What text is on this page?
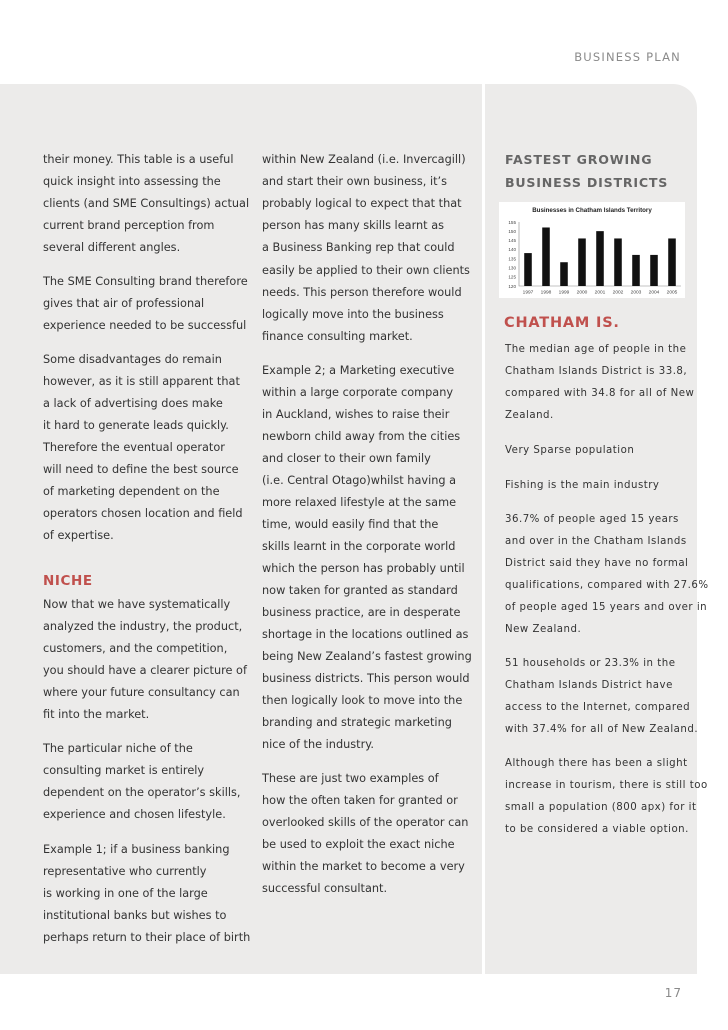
BUSINESS PLAN

their money. This table is a useful

quick insight into assessing the

clients (and SME Consultings) actual

current brand perception from

several different angles.

The SME Consulting brand therefore

gives that air of professional

experience needed to be successful

Some disadvantages do remain

however, as it is still apparent that

a lack of advertising does make

it hard to generate leads quickly.

Therefore the eventual operator

will need to define the best source

of marketing dependent on the

operators chosen location and field

of expertise.

NICHE

Now that we have systematically

analyzed the industry, the product,

customers, and the competition,

you should have a clearer picture of

where your future consultancy can

fit into the market.

The particular niche of the

consulting market is entirely

dependent on the operator’s skills,

experience and chosen lifestyle.

Example 1; if a business banking

representative who currently

is working in one of the large

institutional banks but wishes to

perhaps return to their place of birth

within New Zealand (i.e. Invercagill)

and start their own business, it’s

probably logical to expect that that

person has many skills learnt as

a Business Banking rep that could

easily be applied to their own clients

needs. This person therefore would

logically move into the business

finance consulting market.

Example 2; a Marketing executive

within a large corporate company

in Auckland, wishes to raise their

newborn child away from the cities

and closer to their own family

(i.e. Central Otago)whilst having a

more relaxed lifestyle at the same

time, would easily find that the

skills learnt in the corporate world

which the person has probably until

now taken for granted as standard

business practice, are in desperate

shortage in the locations outlined as

being New Zealand’s fastest growing

business districts. This person would

then logically look to move into the

branding and strategic marketing

nice of the industry.

These are just two examples of

how the often taken for granted or

overlooked skills of the operator can

be used to exploit the exact niche

within the market to become a very

successful consultant.

FASTEST GROWING
BUSINESS DISTRICTS
Businesses in Chatham Islands Territory
155
150
145
140
135
130
125
120
1997 1998 1999 2000 2001 2002 2003 2004 2005
CHATHAM IS.

The median age of people in the

Chatham Islands District is 33.8,

compared with 34.8 for all of New

Zealand.

Very Sparse population

Fishing is the main industry

36.7% of people aged 15 years

and over in the Chatham Islands

District said they have no formal

qualifications, compared with 27.6%

of people aged 15 years and over in

New Zealand.

51 households or 23.3% in the

Chatham Islands District have

access to the Internet, compared

with 37.4% for all of New Zealand.

Although there has been a slight

increase in tourism, there is still too

small a population (800 apx) for it

to be considered a viable option.

17
